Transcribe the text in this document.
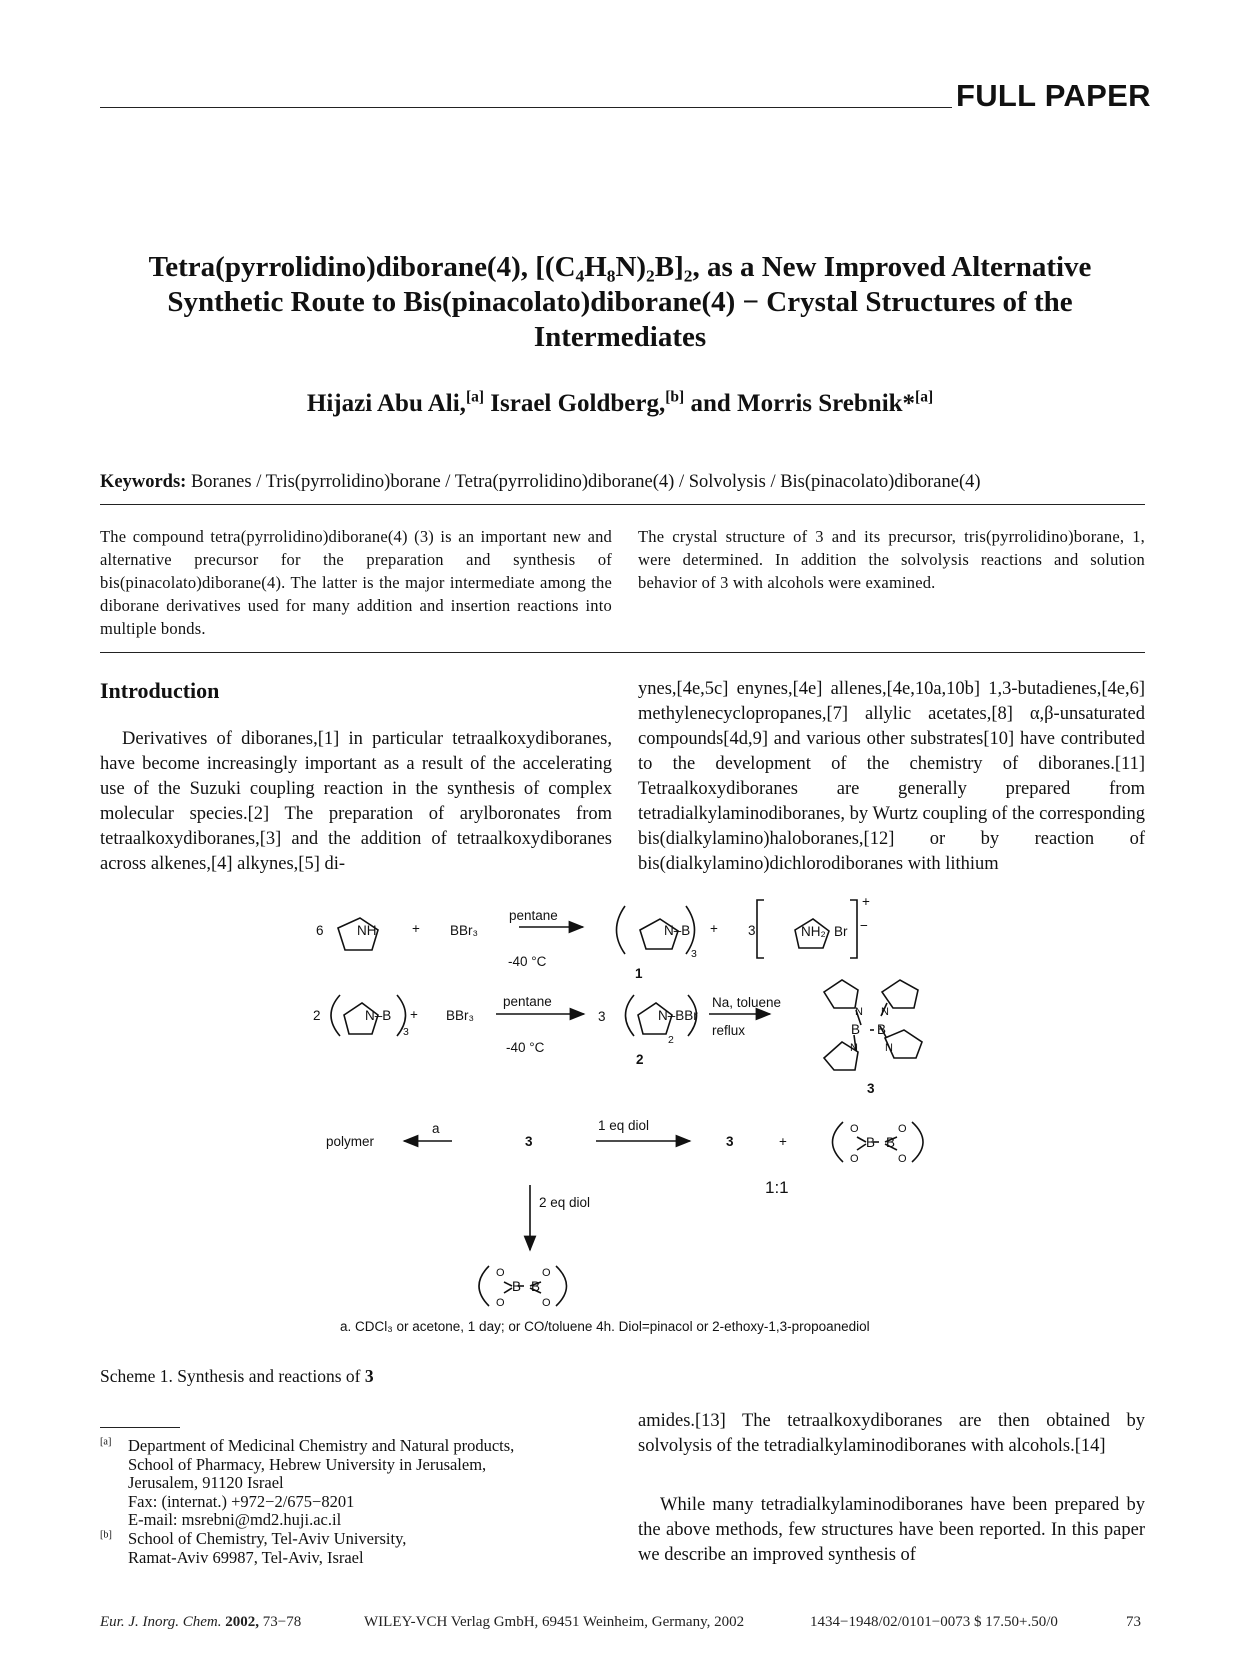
FULL PAPER
Tetra(pyrrolidino)diborane(4), [(C₄H₈N)₂B]₂, as a New Improved Alternative
Synthetic Route to Bis(pinacolato)diborane(4) − Crystal Structures of the
Intermediates
Hijazi Abu Ali,[a] Israel Goldberg,[b] and Morris Srebnik*[a]
Keywords: Boranes / Tris(pyrrolidino)borane / Tetra(pyrrolidino)diborane(4) / Solvolysis / Bis(pinacolato)diborane(4)
The compound tetra(pyrrolidino)diborane(4) (3) is an important new and alternative precursor for the preparation and synthesis of bis(pinacolato)diborane(4). The latter is the major intermediate among the diborane derivatives used for many addition and insertion reactions into multiple bonds.
The crystal structure of 3 and its precursor, tris(pyrrolidino)borane, 1, were determined. In addition the solvolysis reactions and solution behavior of 3 with alcohols were examined.
Introduction
Derivatives of diboranes,[1] in particular tetraalkoxydiboranes, have become increasingly important as a result of the accelerating use of the Suzuki coupling reaction in the synthesis of complex molecular species.[2] The preparation of arylboronates from tetraalkoxydiboranes,[3] and the addition of tetraalkoxydiboranes across alkenes,[4] alkynes,[5] di-
ynes,[4e,5c] enynes,[4e] allenes,[4e,10a,10b] 1,3-butadienes,[4e,6] methylenecyclopropanes,[7] allylic acetates,[8] α,β-unsaturated compounds[4d,9] and various other substrates[10] have contributed to the development of the chemistry of diboranes.[11] Tetraalkoxydiboranes are generally prepared from tetradialkylaminodiboranes, by Wurtz coupling of the corresponding bis(dialkylamino)haloboranes,[12] or by reaction of bis(dialkylamino)dichlorodiboranes with lithium
6 NH	+ BBr₃
pentane
-40 °C
N–B
3
+ 3	NH₂ Br
+
−
1
2	N–B
3
+ BBr₃
pentane
-40 °C
3	N–BBr
2
2
Na, toluene
reflux	B B
N N
N N
3
polymer
a
3
1 eq diol
3	+	B B
O	O
O	O
1:1
2 eq diol
B B
O	O
O	O
a. CDCl₃ or acetone, 1 day; or CO/toluene 4h. Diol=pinacol or 2-ethoxy-1,3-propoanediol
Scheme 1. Synthesis and reactions of 3
[a] Department of Medicinal Chemistry and Natural products,
School of Pharmacy, Hebrew University in Jerusalem,
Jerusalem, 91120 Israel
Fax: (internat.) +972−2/675−8201
E-mail: msrebni@md2.huji.ac.il
[b] School of Chemistry, Tel-Aviv University,
Ramat-Aviv 69987, Tel-Aviv, Israel
amides.[13] The tetraalkoxydiboranes are then obtained by solvolysis of the tetradialkylaminodiboranes with alcohols.[14]
While many tetradialkylaminodiboranes have been prepared by the above methods, few structures have been reported. In this paper we describe an improved synthesis of
Eur. J. Inorg. Chem. 2002, 73−78	WILEY-VCH Verlag GmbH, 69451 Weinheim, Germany, 2002	1434−1948/02/0101−0073 $ 17.50+.50/0	73
